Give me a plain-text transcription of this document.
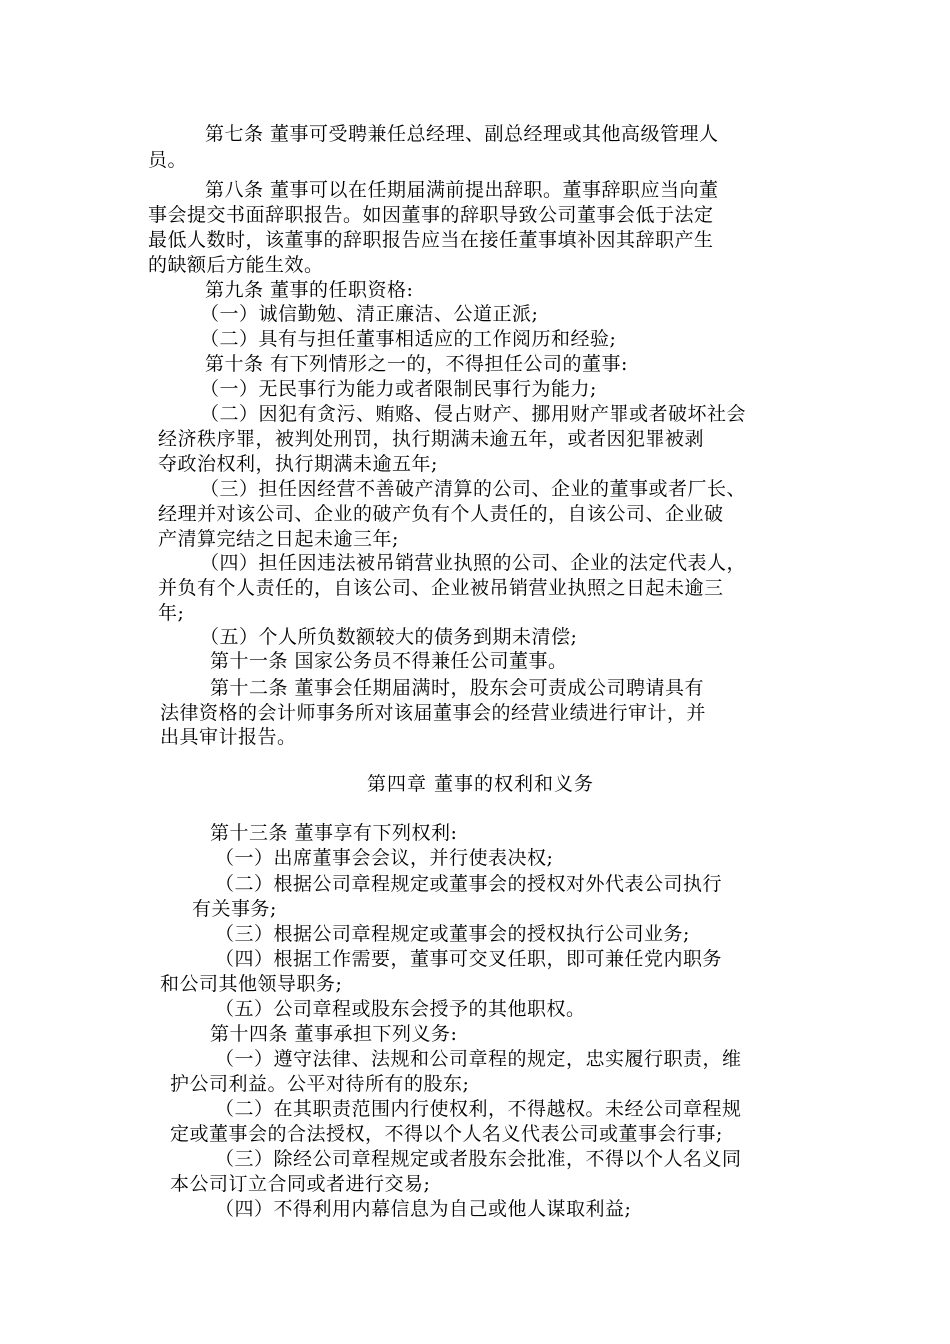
第七条 董事可受聘兼任总经理、副总经理或其他高级管理人
员。
第八条 董事可以在任期届满前提出辞职。董事辞职应当向董
事会提交书面辞职报告。如因董事的辞职导致公司董事会低于法定
最低人数时，该董事的辞职报告应当在接任董事填补因其辞职产生
的缺额后方能生效。
第九条 董事的任职资格:
（一）诚信勤勉、清正廉洁、公道正派;
（二）具有与担任董事相适应的工作阅历和经验;
第十条 有下列情形之一的，不得担任公司的董事:
（一）无民事行为能力或者限制民事行为能力;
（二）因犯有贪污、贿赂、侵占财产、挪用财产罪或者破坏社会
经济秩序罪，被判处刑罚，执行期满未逾五年，或者因犯罪被剥
夺政治权利，执行期满未逾五年;
（三）担任因经营不善破产清算的公司、企业的董事或者厂长、
经理并对该公司、企业的破产负有个人责任的，自该公司、企业破
产清算完结之日起未逾三年;
（四）担任因违法被吊销营业执照的公司、企业的法定代表人，
并负有个人责任的，自该公司、企业被吊销营业执照之日起未逾三
年;
（五）个人所负数额较大的债务到期未清偿;
第十一条 国家公务员不得兼任公司董事。
第十二条 董事会任期届满时，股东会可责成公司聘请具有
法律资格的会计师事务所对该届董事会的经营业绩进行审计，并
出具审计报告。
第四章 董事的权利和义务
第十三条 董事享有下列权利:
（一）出席董事会会议，并行使表决权;
（二）根据公司章程规定或董事会的授权对外代表公司执行
有关事务;
（三）根据公司章程规定或董事会的授权执行公司业务;
（四）根据工作需要，董事可交叉任职，即可兼任党内职务
和公司其他领导职务;
（五）公司章程或股东会授予的其他职权。
第十四条 董事承担下列义务:
（一）遵守法律、法规和公司章程的规定，忠实履行职责，维
护公司利益。公平对待所有的股东;
（二）在其职责范围内行使权利，不得越权。未经公司章程规
定或董事会的合法授权，不得以个人名义代表公司或董事会行事;
（三）除经公司章程规定或者股东会批准，不得以个人名义同
本公司订立合同或者进行交易;
（四）不得利用内幕信息为自己或他人谋取利益;
